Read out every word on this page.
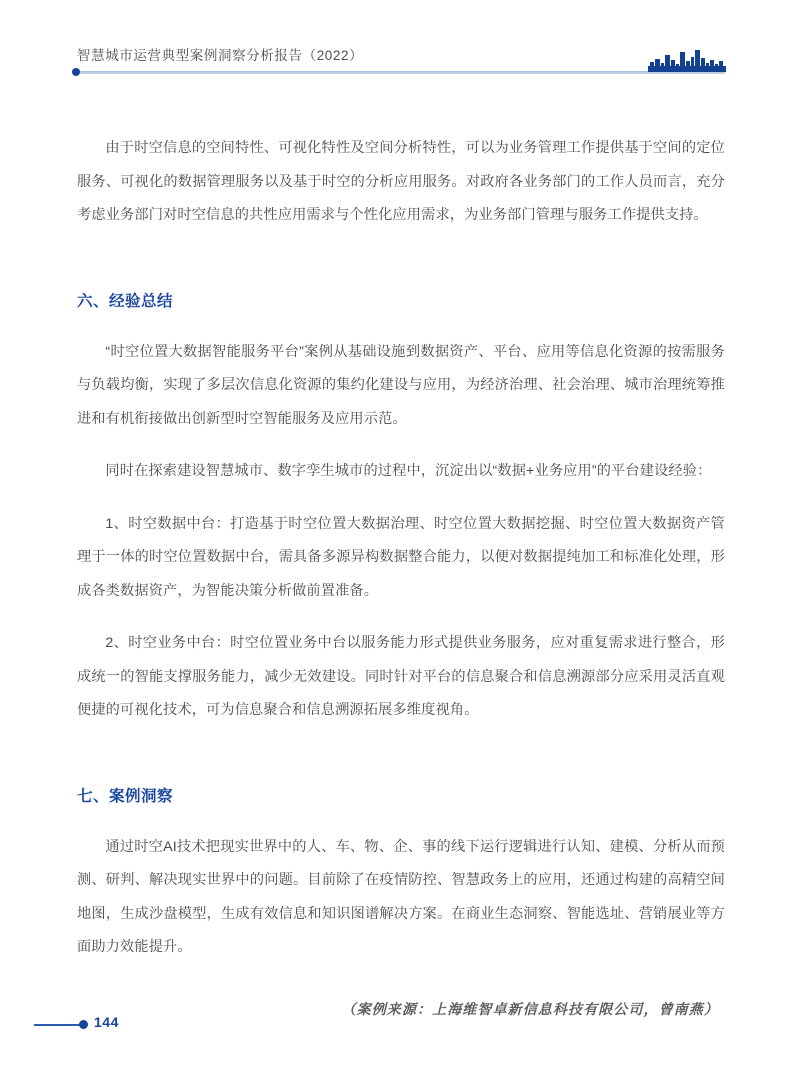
智慧城市运营典型案例洞察分析报告（2022）

由于时空信息的空间特性、可视化特性及空间分析特性，可以为业务管理工作提供基于空间的定位服务、可视化的数据管理服务以及基于时空的分析应用服务。对政府各业务部门的工作人员而言，充分考虑业务部门对时空信息的共性应用需求与个性化应用需求，为业务部门管理与服务工作提供支持。

六、经验总结

“时空位置大数据智能服务平台”案例从基础设施到数据资产、平台、应用等信息化资源的按需服务与负载均衡，实现了多层次信息化资源的集约化建设与应用，为经济治理、社会治理、城市治理统筹推进和有机衔接做出创新型时空智能服务及应用示范。

同时在探索建设智慧城市、数字孪生城市的过程中，沉淀出以“数据+业务应用”的平台建设经验：

1、时空数据中台：打造基于时空位置大数据治理、时空位置大数据挖掘、时空位置大数据资产管理于一体的时空位置数据中台，需具备多源异构数据整合能力，以便对数据提纯加工和标准化处理，形成各类数据资产，为智能决策分析做前置准备。

2、时空业务中台：时空位置业务中台以服务能力形式提供业务服务，应对重复需求进行整合，形成统一的智能支撑服务能力，减少无效建设。同时针对平台的信息聚合和信息溯源部分应采用灵活直观便捷的可视化技术，可为信息聚合和信息溯源拓展多维度视角。

七、案例洞察

通过时空AI技术把现实世界中的人、车、物、企、事的线下运行逻辑进行认知、建模、分析从而预测、研判、解决现实世界中的问题。目前除了在疫情防控、智慧政务上的应用，还通过构建的高精空间地图，生成沙盘模型，生成有效信息和知识图谱解决方案。在商业生态洞察、智能选址、营销展业等方面助力效能提升。

（案例来源：上海维智卓新信息科技有限公司，曾南燕）
144
